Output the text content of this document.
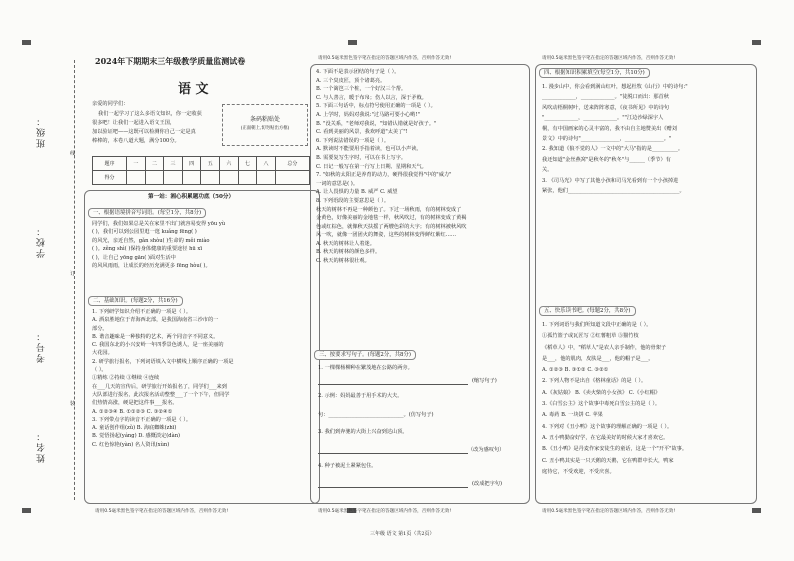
姓名：
考号：
学校：
班级：
线
订
装
2024年下期期末三年级教学质量监测试卷
语 文
亲爱的同学们：
我们一起学习了这么多语文知识，你一定收获
很多吧！让我们一起进入语文王国，
加以验证吧——这既可以检测你自己一定是真
棒棒的，本卷八道大题，满分100分。
条码粘贴处
(正面朝上,切勿贴出方框)
题序	一	二	三	四	五	六	七	八	总分
得分									
第一站：湘心积累题功底（50分）
一、根据语境拼音写词语。(每空1分，共8分)
同学们，我们如果总是关在家里不出门就容易变得 yōu yù
( )，我们可以到公园里逛一逛 kuǎng fēng( )
的风光，亲近自然，gǎn shòu( )生命的 měi miào
( )。zěng shì( )保持身体健康的重要途径 hū xī
( )，让自己 yōng gān( )面对生活中
的风风雨雨，让成长的经历充满更多 fēng hòu( )。
二、基础知识。(每题2分，共16分)
1. 下列研学知识介绍不正确的一项是（ ）。
A. 酒泉胜地位于青海西北部，是我国海南省三沙市的一
部分。
B. 谐音趣味是一种独特的艺术，两个同音字不同意义。
C. 我国东北的小兴安岭一年四季景色诱人，是一座美丽的
大花园。
2. 研学旅行报名，下列词语填入文中横线上顺序正确的一项是
（ ）。
①精练 ②持续 ③继续 ④连续
在___几天的宣传后，研学旅行开始报名了，同学们___来到
大队部进行报名，此次报名活动整整___了一个下午，但同学
们热情高涨，硬是把这件事___报名。
A. ①②③④ B. ①①②③ C. ③②④①
3. 下列带点字的读音不正确的一项是（ ）。
A. 童话创作组(zǔ) B. 海底蜘蛛(zhī)
B. 觉悟扬起(yáng) D. 感慨淡定(dàn)
C. 红色惊艳(yàn) 名人资讯(xùn)
请用0.5毫米黑色签字笔在指定的答题区域内作答，否则作答无效!
请用0.5毫米黑色签字笔在指定的答题区域内作答，否则作答无效!
4. 下面不是表示团结的句子是（ ）。
A. 三个臭皮匠，顶个诸葛亮。
B. 一个篱笆三个桩，一个好汉三个帮。
C. 与人善言，暖于布帛；伤人以言，深于矛戟。
5. 下面三句话中，标点符号使用正确的一项是（ ）。
A. 上学时，妈妈对我说:"过马路可要小心哟!"
B. "没关系，"老师对我说，"知错认错就是好孩子。"
C. 看到美丽的风景，我欢呼道"太美了"!
6. 下列说法错误的一项是（ ）。
A. 默读时不能要用手指着读，也可以小声读。
B. 需要复写生字时，可以在书上写字。
C. 日记一般写在第一行写上日期、星期和天气。
7. "如秋的太阳正是养育的动力，硬得很我觉得"中的"威力"
一词的意思是( )。
A. 让人畏惧的力量 B. 威严 C. 威望
8. 下列语段的主要意思是（ ）。
秋天的树林不再是一种颜色了。下过一场秋雨，有的树林变成了
金黄色，好像美丽的金地毯一样，秋风吹过，有的树林变成了黄褐
色或红棕色，就像秋天扶摇了两艘色彩的大字；有的树林被秋风吹
风一吹，就像一团团火的舞姿，这些的树林变得鲜红紫红……
A. 秋天的树林让人着迷。
B. 秋天的树林的颜色多样。
C. 秋天的树林很壮观。
三、按要求写句子。(每题2分，共8分)
1. 一棵棵杨柳种在繁茂地在公路的两旁。
(缩写句子)
2. 示例：妈妈最善于用手术的大夫。
句：_____________________________。(仿写句子)
3. 我们到奔驰的大街上兴奋到达山顶。
（改为感叹句）
4. 种子被泥土紧紧包住。
(改成把字句)
请用0.5毫米黑色签字笔在指定的答题区域内作答，否则作答无效!
请用0.5毫米黑色签字笔在指定的答题区域内作答，否则作答无效!
四、根据知识积累填空(每空1分，共10分)
1. 漫步山中，你会看到满山红叶，想起杜牧《山行》中的诗句:"
_____________，_____________。"徒脱口而出：那首秋
风吹动梧桐树叶，送来阵阵寒意，《夜书所见》中的诗句
"_____________，_____________。""江边沙绿深宇人
桐，有中国画家的心灵丰富的，我不由自主地赞美出《赠刘
景文》中的诗句"_______________，_______________。"
2. 我知道《狼不觉的人》一文中的"大马"指的是__________。
我还知道"金丝燕窝"是秋冬的"秋冬"与______（季节）有
关。
3. 《司马光》中写了其他小孩和司马光看到有一个小孩掉进
紧张，他们___________________________________________。
五、快乐读书吧。(每题2分，共8分)
1. 下列词语与我们所知道文段中正确的是（ ）。
①孤竹篮子或瓦匠写 ②红薯粗草 ③猫竹枝
《稻草人》中，"稻草人"是农人亲手制作，他的骨架子
是___，他的肌肉，皮肤是___，他的帽子是___。
A. ①②③ B. ③①② C. ③②①
2. 下列人物不是出自《格林童话》的是（ ）。
A.《灰姑娘》 B.《卖火柴的小女孩》 C.《小红帽》
3.《白雪公主》这个故事中毒死白雪公主的是（ ）。
A. 毒药 B. 一块饼 C. 苹果
4. 下列对《丑小鸭》这个故事的理解正确的一项是（ ）。
A. 丑小鸭勤奋好学，在它最美好的时候大家才喜欢它。
B.《丑小鸭》是丹麦作家安徒生的童话，这是一个"开平"故事。
C. 丑小鸭其实是一只天鹅的天鹅，它在鸭群中长大，鸭家
庭待它，不受欢迎，不受庆喜。
请用0.5毫米黑色签字笔在指定的答题区域内作答，否则作答无效!
三年级 语文 第1页（共2页）
